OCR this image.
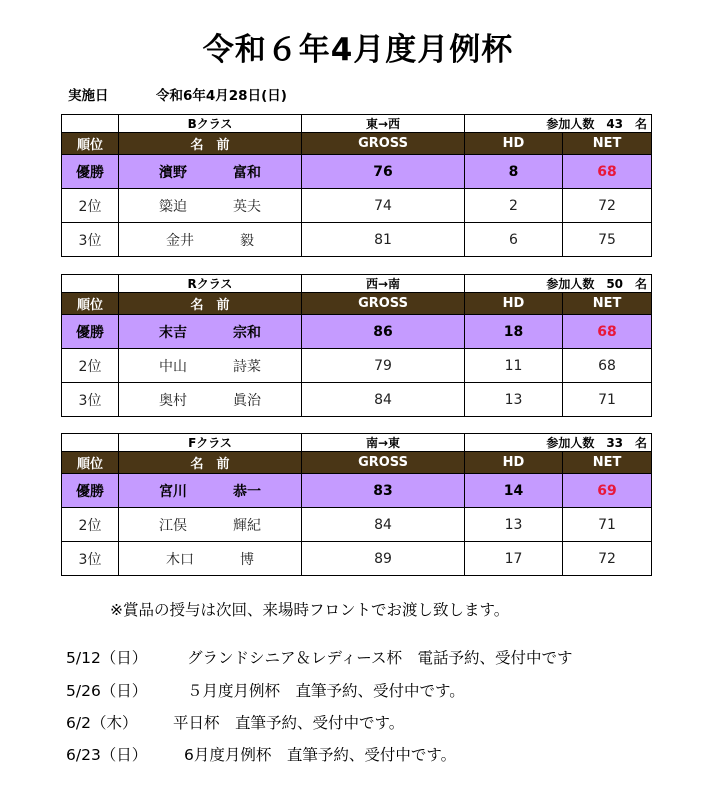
令和６年4月度月例杯
実施日	令和6年4月28日(日)
	Bクラス	東→西	参加人数　43　名	
順位	名　前	GROSS	HD	NET
優勝	濱野 富和	76	8	68
2位	簗迫 英夫	74	2	72
3位	金井 毅	81	6	75
	Rクラス	西→南	参加人数　50　名	
順位	名　前	GROSS	HD	NET
優勝	末吉 宗和	86	18	68
2位	中山 詩菜	79	11	68
3位	奥村 眞治	84	13	71
	Fクラス	南→東	参加人数　33　名	
順位	名　前	GROSS	HD	NET
優勝	宮川 恭一	83	14	69
2位	江俣 輝紀	84	13	71
3位	木口 博	89	17	72
※賞品の授与は次回、来場時フロントでお渡し致します。
5/12（日）	グランドシニア＆レディース杯　電話予約、受付中です
5/26（日）	５月度月例杯　直筆予約、受付中です。
6/2（木） 平日杯　直筆予約、受付中です。
6/23（日） 6月度月例杯　直筆予約、受付中です。
